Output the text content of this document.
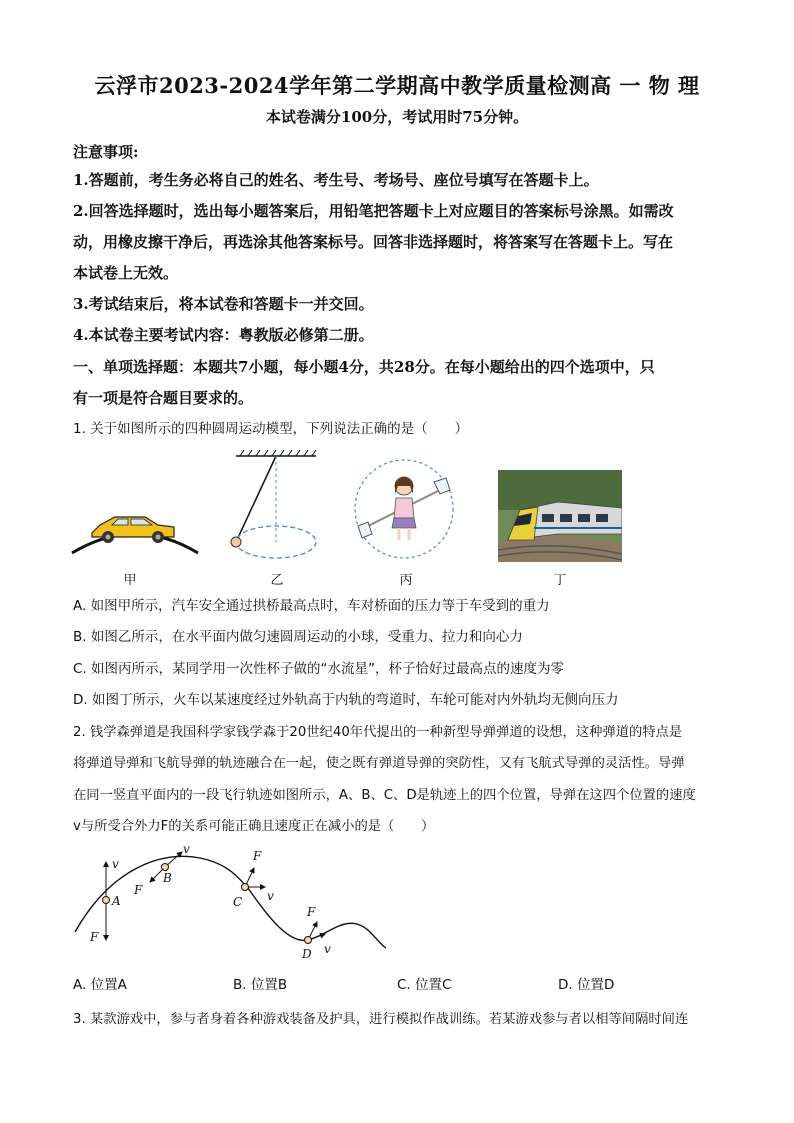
云浮市2023-2024学年第二学期高中教学质量检测高 一 物 理
本试卷满分100分，考试用时75分钟。
注意事项:
1.答题前，考生务必将自己的姓名、考生号、考场号、座位号填写在答题卡上。
2.回答选择题时，选出每小题答案后，用铅笔把答题卡上对应题目的答案标号涂黑。如需改
动，用橡皮擦干净后，再选涂其他答案标号。回答非选择题时，将答案写在答题卡上。写在
本试卷上无效。
3.考试结束后，将本试卷和答题卡一并交回。
4.本试卷主要考试内容：粤教版必修第二册。
一、单项选择题：本题共7小题，每小题4分，共28分。在每小题给出的四个选项中，只
有一项是符合题目要求的。
1. 关于如图所示的四种圆周运动模型，下列说法正确的是（　　）
甲	乙	丙	丁
A. 如图甲所示，汽车安全通过拱桥最高点时，车对桥面的压力等于车受到的重力
B. 如图乙所示，在水平面内做匀速圆周运动的小球，受重力、拉力和向心力
C. 如图丙所示，某同学用一次性杯子做的“水流星”，杯子恰好过最高点的速度为零
D. 如图丁所示，火车以某速度经过外轨高于内轨的弯道时，车轮可能对内外轨均无侧向压力
2. 钱学森弹道是我国科学家钱学森于20世纪40年代提出的一种新型导弹弹道的设想，这种弹道的特点是
将弹道导弹和飞航导弹的轨迹融合在一起，使之既有弹道导弹的突防性，又有飞航式导弹的灵活性。导弹
在同一竖直平面内的一段飞行轨迹如图所示，A、B、C、D是轨迹上的四个位置，导弹在这四个位置的速度
v与所受合外力F的关系可能正确且速度正在减小的是（　　）
v
A
F
v
B
F
F
C v
F
D v
A. 位置A	B. 位置B	C. 位置C	D. 位置D
3. 某款游戏中，参与者身着各种游戏装备及护具，进行模拟作战训练。若某游戏参与者以相等间隔时间连
